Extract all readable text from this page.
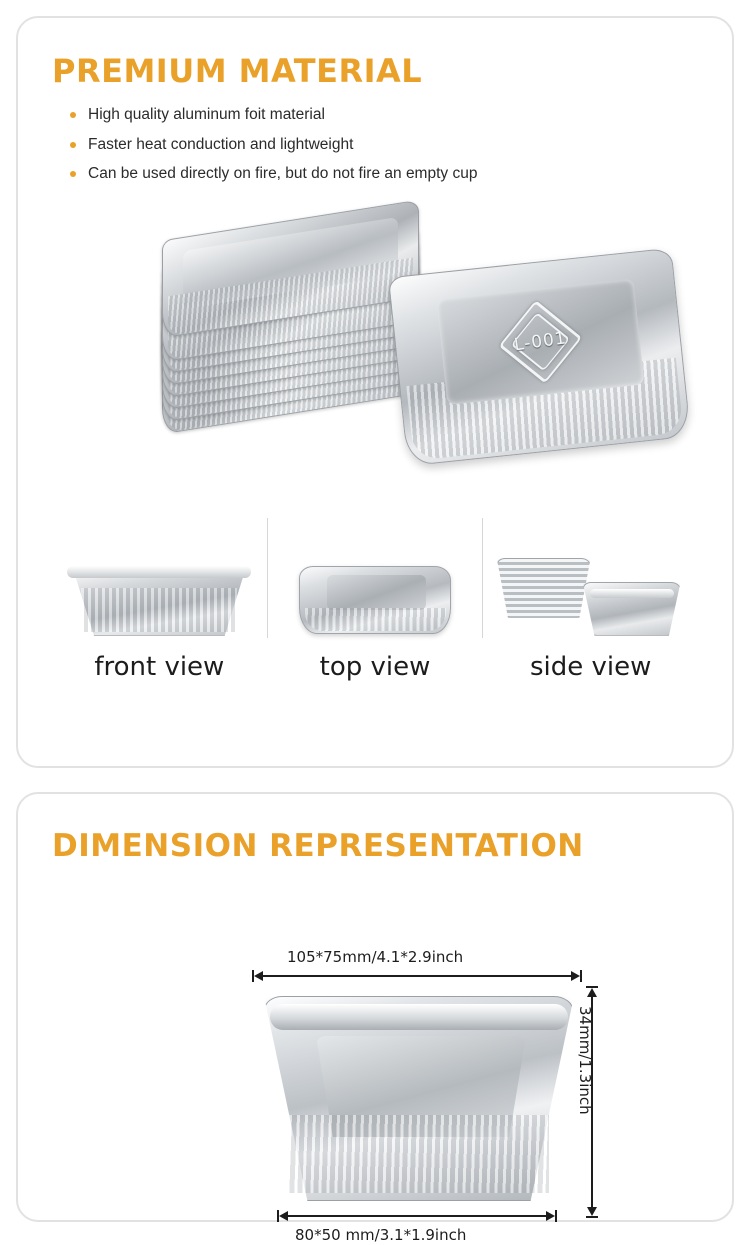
PREMIUM MATERIAL
High quality aluminum foit material
Faster heat conduction and lightweight
Can be used directly on fire, but do not fire an empty cup
L-001
front view	top view	side view
DIMENSION REPRESENTATION
105*75mm/4.1*2.9inch
34mm/1.3inch
80*50 mm/3.1*1.9inch
